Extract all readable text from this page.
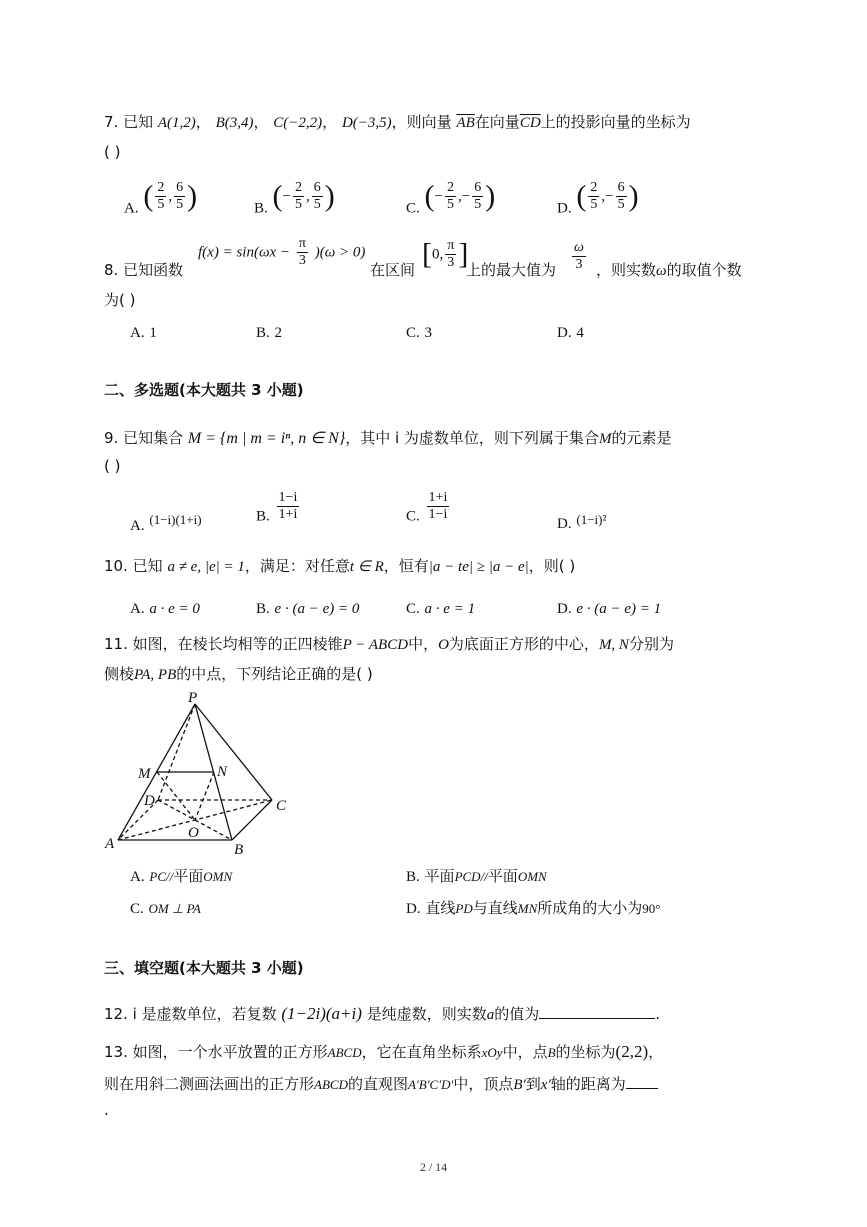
7. 已知 A(1,2)， B(3,4)， C(−2,2)， D(−3,5)，则向量 $\overline{AB}$在向量$\overline{CD}$上的投影向量的坐标为
( )
A. ( $\frac{2}{5}$ , $\frac{6}{5}$ )	B. (− $\frac{2}{5}$ , $\frac{6}{5}$ )	C. (− $\frac{2}{5}$ ,− $\frac{6}{5}$ )	D. ( $\frac{2}{5}$ ,− $\frac{6}{5}$ )
8. 已知函数
$f(x) = \sin(\omega x - \frac{\pi}{3} )(\omega > 0)$
在区间 [0, $\frac{\pi}{3}$ ]
上的最大值为 $\frac{\omega}{3}$ ，则实数ω的取值个数
为( )
A. 1	B. 2	C. 3	D. 4
二、多选题(本大题共 3 小题)
9. 已知集合 M = {m | m = iⁿ, n ∈ N}，其中 i 为虚数单位，则下列属于集合M的元素是
( )
A. (1−i)(1+i)	B. $\frac{1-i}{1+i}$	C. $\frac{1+i}{1-i}$
D. (1−i)²
10. 已知 a ≠ e, |e| = 1，满足：对任意t ∈ R，恒有|a − te| ≥ |a − e|，则( )
A. a · e = 0	B. e · (a − e) = 0	C. a · e = 1	D. e · (a − e) = 1
11. 如图，在棱长均相等的正四棱锥P − ABCD中，O为底面正方形的中心，M, N分别为
侧棱PA, PB的中点，下列结论正确的是( )
P
M	N
D	C
O
A	B
A. PC//平面OMN	B. 平面PCD//平面OMN
C. OM ⊥ PA	D. 直线PD与直线MN所成角的大小为90°
三、填空题(本大题共 3 小题)
12. i 是虚数单位，若复数 (1−2i)(a+i) 是纯虚数，则实数a的值为	.
13. 如图，一个水平放置的正方形ABCD，它在直角坐标系xOy中，点B的坐标为(2,2)，
则在用斜二测画法画出的正方形ABCD的直观图A′B′C′D′中，顶点B′到x′轴的距离为
.
2 / 14
